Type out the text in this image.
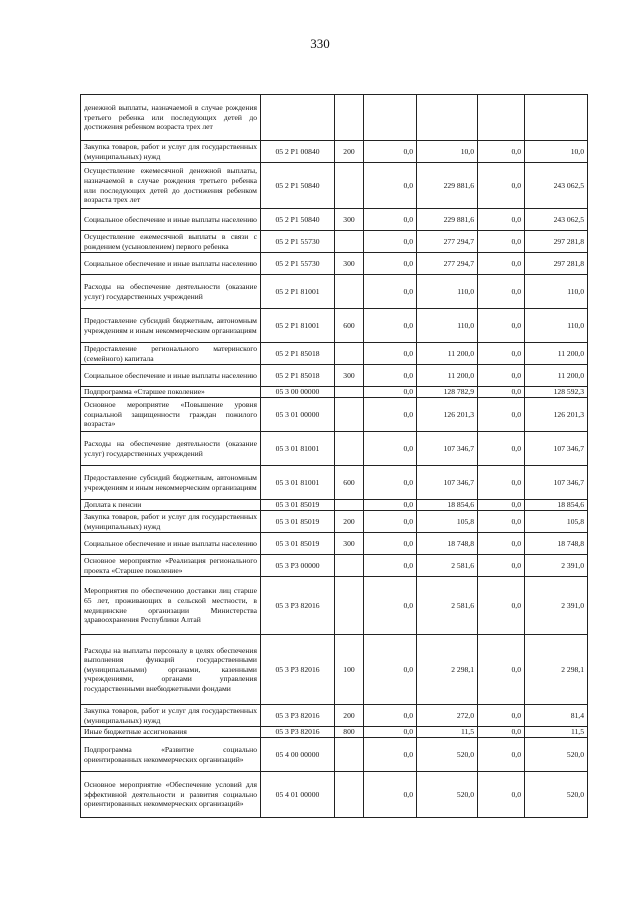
330
денежной выплаты, назначаемой в случае рождения третьего ребенка или последующих детей до достижения ребенком возраста трех лет						
Закупка товаров, работ и услуг для государственных (муниципальных) нужд	05 2 P1 00840	200	0,0	10,0	0,0	10,0
Осуществление ежемесячной денежной выплаты, назначаемой в случае рождения третьего ребенка или последующих детей до достижения ребенком возраста трех лет	05 2 P1 50840		0,0	229 881,6	0,0	243 062,5
Социальное обеспечение и иные выплаты населению	05 2 P1 50840	300	0,0	229 881,6	0,0	243 062,5
Осуществление ежемесячной выплаты в связи с рождением (усыновлением) первого ребенка	05 2 P1 55730		0,0	277 294,7	0,0	297 281,8
Социальное обеспечение и иные выплаты населению	05 2 P1 55730	300	0,0	277 294,7	0,0	297 281,8
Расходы на обеспечение деятельности (оказание услуг) государственных учреждений	05 2 P1 81001		0,0	110,0	0,0	110,0
Предоставление субсидий бюджетным, автономным учреждениям и иным некоммерческим организациям	05 2 P1 81001	600	0,0	110,0	0,0	110,0
Предоставление регионального материнского (семейного) капитала	05 2 P1 85018		0,0	11 200,0	0,0	11 200,0
Социальное обеспечение и иные выплаты населению	05 2 P1 85018	300	0,0	11 200,0	0,0	11 200,0
Подпрограмма «Старшее поколение»	05 3 00 00000		0,0	128 782,9	0,0	128 592,3
Основное мероприятие «Повышение уровня социальной защищенности граждан пожилого возраста»	05 3 01 00000		0,0	126 201,3	0,0	126 201,3
Расходы на обеспечение деятельности (оказание услуг) государственных учреждений	05 3 01 81001		0,0	107 346,7	0,0	107 346,7
Предоставление субсидий бюджетным, автономным учреждениям и иным некоммерческим организациям	05 3 01 81001	600	0,0	107 346,7	0,0	107 346,7
Доплата к пенсии	05 3 01 85019		0,0	18 854,6	0,0	18 854,6
Закупка товаров, работ и услуг для государственных (муниципальных) нужд	05 3 01 85019	200	0,0	105,8	0,0	105,8
Социальное обеспечение и иные выплаты населению	05 3 01 85019	300	0,0	18 748,8	0,0	18 748,8
Основное мероприятие «Реализация регионального проекта «Старшее поколение»	05 3 P3 00000		0,0	2 581,6	0,0	2 391,0
Мероприятия по обеспечению доставки лиц старше 65 лет, проживающих в сельской местности, в медицинские организации Министерства здравоохранения Республики Алтай	05 3 P3 82016		0,0	2 581,6	0,0	2 391,0
Расходы на выплаты персоналу в целях обеспечения выполнения функций государственными (муниципальными) органами, казенными учреждениями, органами управления государственными внебюджетными фондами	05 3 P3 82016	100	0,0	2 298,1	0,0	2 298,1
Закупка товаров, работ и услуг для государственных (муниципальных) нужд	05 3 P3 82016	200	0,0	272,0	0,0	81,4
Иные бюджетные ассигнования	05 3 P3 82016	800	0,0	11,5	0,0	11,5
Подпрограмма «Развитие социально ориентированных некоммерческих организаций»	05 4 00 00000		0,0	520,0	0,0	520,0
Основное мероприятие «Обеспечение условий для эффективной деятельности и развития социально ориентированных некоммерческих организаций»	05 4 01 00000		0,0	520,0	0,0	520,0
